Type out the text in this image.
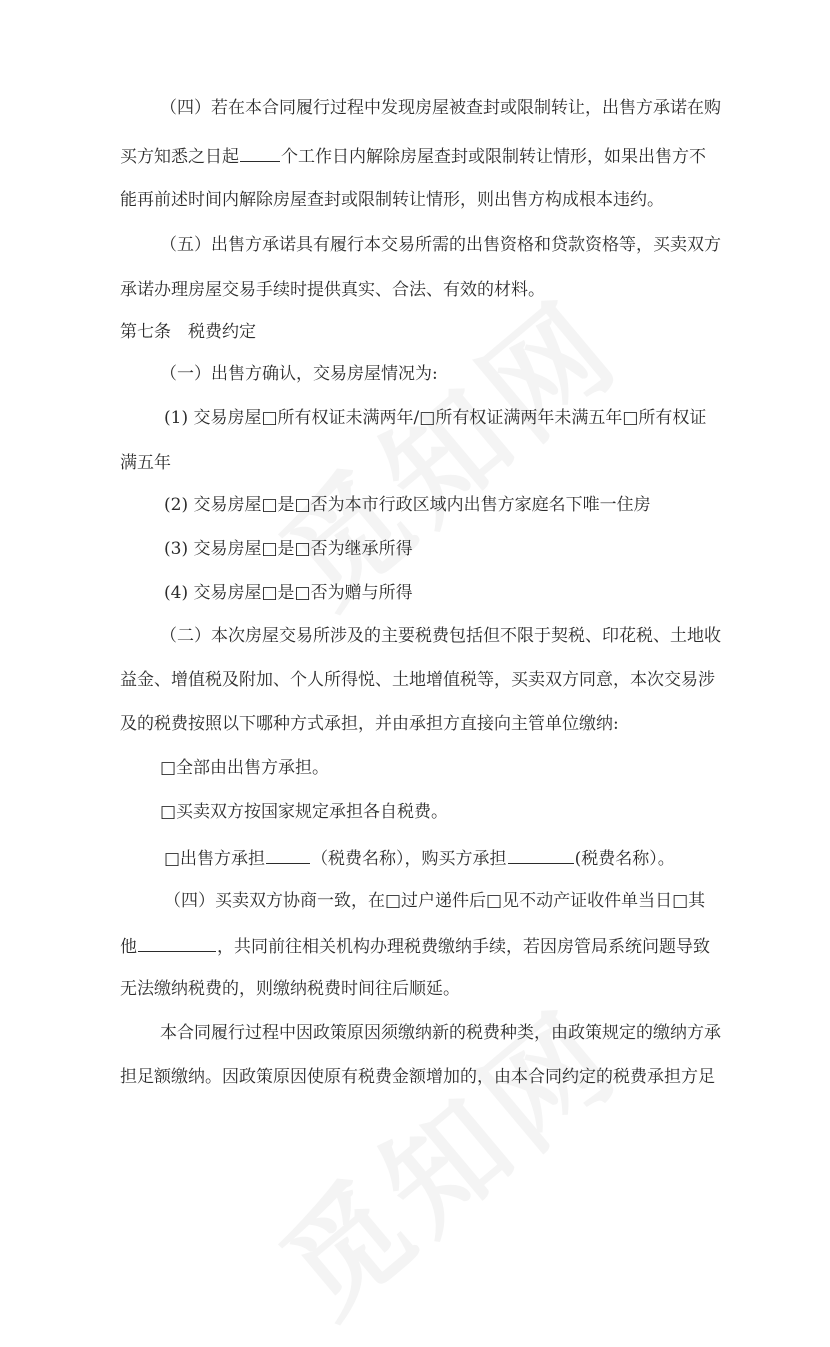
（四）若在本合同履行过程中发现房屋被查封或限制转让，出售方承诺在购
买方知悉之日起 个工作日内解除房屋查封或限制转让情形，如果出售方不
能再前述时间内解除房屋查封或限制转让情形，则出售方构成根本违约。
（五）出售方承诺具有履行本交易所需的出售资格和贷款资格等，买卖双方
承诺办理房屋交易手续时提供真实、合法、有效的材料。
第七条　税费约定
（一）出售方确认，交易房屋情况为:
(1) 交易房屋□所有权证未满两年/□所有权证满两年未满五年□所有权证
满五年
(2) 交易房屋□是□否为本市行政区域内出售方家庭名下唯一住房
(3) 交易房屋□是□否为继承所得
(4) 交易房屋□是□否为赠与所得
（二）本次房屋交易所涉及的主要税费包括但不限于契税、印花税、土地收
益金、增值税及附加、个人所得悦、土地增值税等，买卖双方同意，本次交易涉
及的税费按照以下哪种方式承担，并由承担方直接向主管单位缴纳:
□全部由出售方承担。
□买卖双方按国家规定承担各自税费。
□出售方承担	（税费名称），购买方承担	(税费名称）。
（四）买卖双方协商一致，在□过户递件后□见不动产证收件单当日□其
他	，共同前往相关机构办理税费缴纳手续，若因房管局系统问题导致
无法缴纳税费的，则缴纳税费时间往后顺延。
本合同履行过程中因政策原因须缴纳新的税费种类，由政策规定的缴纳方承
担足额缴纳。因政策原因使原有税费金额增加的，由本合同约定的税费承担方足
